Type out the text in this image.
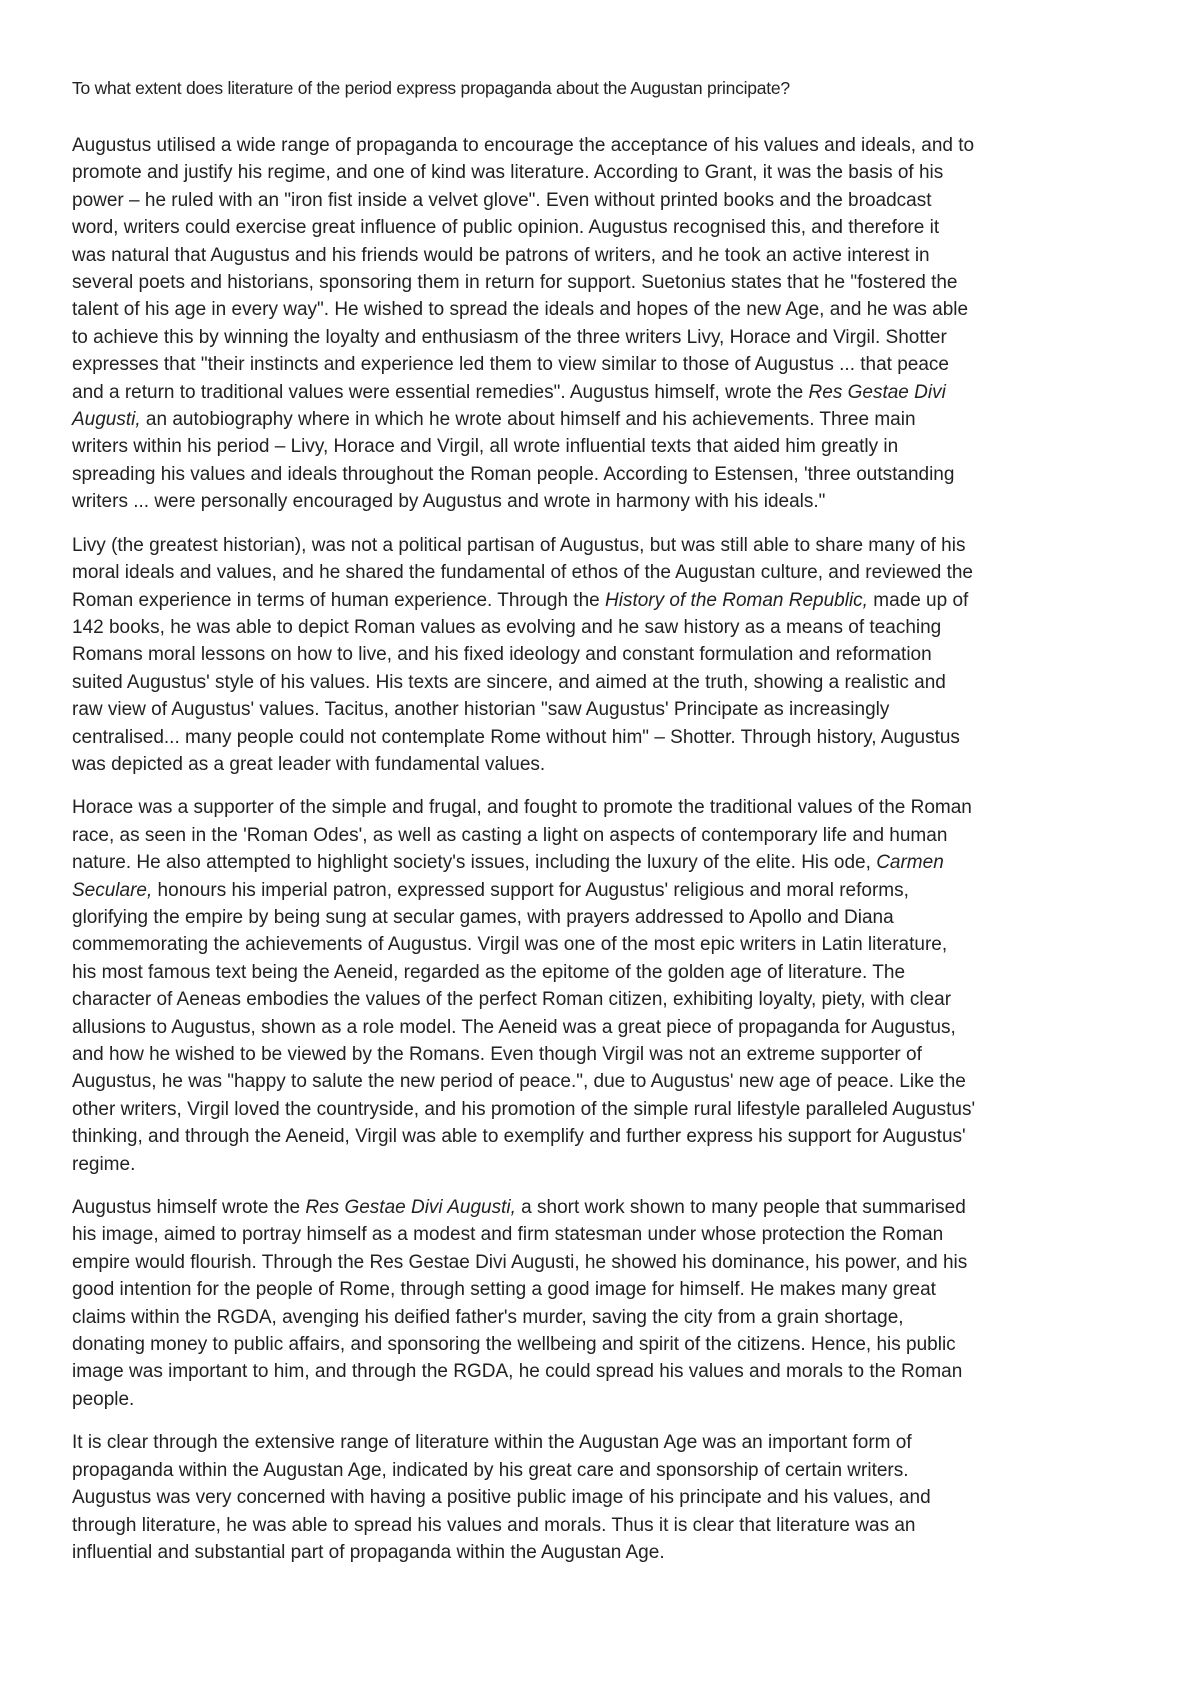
To what extent does literature of the period express propaganda about the Augustan principate?
Augustus utilised a wide range of propaganda to encourage the acceptance of his values and ideals, and to
promote and justify his regime, and one of kind was literature. According to Grant, it was the basis of his
power – he ruled with an "iron fist inside a velvet glove". Even without printed books and the broadcast
word, writers could exercise great influence of public opinion. Augustus recognised this, and therefore it
was natural that Augustus and his friends would be patrons of writers, and he took an active interest in
several poets and historians, sponsoring them in return for support. Suetonius states that he "fostered the
talent of his age in every way". He wished to spread the ideals and hopes of the new Age, and he was able
to achieve this by winning the loyalty and enthusiasm of the three writers Livy, Horace and Virgil. Shotter
expresses that "their instincts and experience led them to view similar to those of Augustus ... that peace
and a return to traditional values were essential remedies". Augustus himself, wrote the Res Gestae Divi
Augusti, an autobiography where in which he wrote about himself and his achievements. Three main
writers within his period – Livy, Horace and Virgil, all wrote influential texts that aided him greatly in
spreading his values and ideals throughout the Roman people. According to Estensen, 'three outstanding
writers ... were personally encouraged by Augustus and wrote in harmony with his ideals."
Livy (the greatest historian), was not a political partisan of Augustus, but was still able to share many of his
moral ideals and values, and he shared the fundamental of ethos of the Augustan culture, and reviewed the
Roman experience in terms of human experience. Through the History of the Roman Republic, made up of
142 books, he was able to depict Roman values as evolving and he saw history as a means of teaching
Romans moral lessons on how to live, and his fixed ideology and constant formulation and reformation
suited Augustus' style of his values. His texts are sincere, and aimed at the truth, showing a realistic and
raw view of Augustus' values. Tacitus, another historian "saw Augustus' Principate as increasingly
centralised... many people could not contemplate Rome without him" – Shotter. Through history, Augustus
was depicted as a great leader with fundamental values.
Horace was a supporter of the simple and frugal, and fought to promote the traditional values of the Roman
race, as seen in the 'Roman Odes', as well as casting a light on aspects of contemporary life and human
nature. He also attempted to highlight society's issues, including the luxury of the elite. His ode, Carmen
Seculare, honours his imperial patron, expressed support for Augustus' religious and moral reforms,
glorifying the empire by being sung at secular games, with prayers addressed to Apollo and Diana
commemorating the achievements of Augustus. Virgil was one of the most epic writers in Latin literature,
his most famous text being the Aeneid, regarded as the epitome of the golden age of literature. The
character of Aeneas embodies the values of the perfect Roman citizen, exhibiting loyalty, piety, with clear
allusions to Augustus, shown as a role model. The Aeneid was a great piece of propaganda for Augustus,
and how he wished to be viewed by the Romans. Even though Virgil was not an extreme supporter of
Augustus, he was "happy to salute the new period of peace.", due to Augustus' new age of peace. Like the
other writers, Virgil loved the countryside, and his promotion of the simple rural lifestyle paralleled Augustus'
thinking, and through the Aeneid, Virgil was able to exemplify and further express his support for Augustus'
regime.
Augustus himself wrote the Res Gestae Divi Augusti, a short work shown to many people that summarised
his image, aimed to portray himself as a modest and firm statesman under whose protection the Roman
empire would flourish. Through the Res Gestae Divi Augusti, he showed his dominance, his power, and his
good intention for the people of Rome, through setting a good image for himself. He makes many great
claims within the RGDA, avenging his deified father's murder, saving the city from a grain shortage,
donating money to public affairs, and sponsoring the wellbeing and spirit of the citizens. Hence, his public
image was important to him, and through the RGDA, he could spread his values and morals to the Roman
people.
It is clear through the extensive range of literature within the Augustan Age was an important form of
propaganda within the Augustan Age, indicated by his great care and sponsorship of certain writers.
Augustus was very concerned with having a positive public image of his principate and his values, and
through literature, he was able to spread his values and morals. Thus it is clear that literature was an
influential and substantial part of propaganda within the Augustan Age.
